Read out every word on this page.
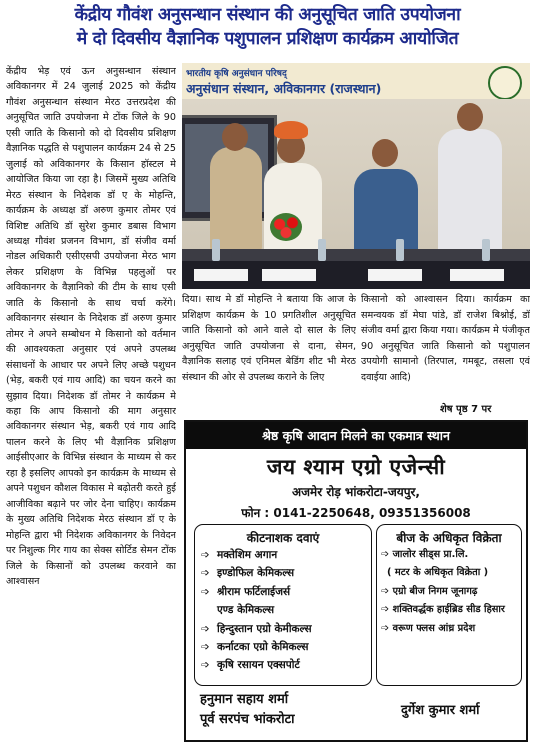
केंद्रीय गौवंश अनुसन्धान संस्थान की अनुसूचित जाति उपयोजना
मे दो दिवसीय वैज्ञानिक पशुपालन प्रशिक्षण कार्यक्रम आयोजित
केंद्रीय भेड़ एवं ऊन अनुसन्धान संस्थान अविकानगर में 24 जुलाई 2025 को केंद्रीय गौवंश अनुसन्धान संस्थान मेरठ उत्तरप्रदेश की अनुसूचित जाति उपयोजना मे टोंक जिले के 90 एसी जाति के किसानो को दो दिवसीय प्रशिक्षण वैज्ञानिक पद्धति से पशुपालन कार्यक्रम 24 से 25 जुलाई को अविकानगर के किसान हॉस्टल मे आयोजित किया जा रहा है। जिसमें मुख्य अतिथि मेरठ संस्थान के निदेशक डॉ ए के मोहन्ति, कार्यक्रम के अध्यक्ष डॉ अरुण कुमार तोमर एवं विशिष्ट अतिथि डॉ सुरेश कुमार डबास विभाग अध्यक्ष गौवंश प्रजनन विभाग, डॉ संजीव वर्मा नोडल अधिकारी एसीएसपी उपयोजना मेरठ भाग लेकर प्रशिक्षण के विभिन्न पहलुओं पर अविकानगर के वैज्ञानिको की टीम के साथ एसी जाति के किसानो के साथ चर्चा करेंगे। अविकानगर संस्थान के निदेशक डॉ अरुण कुमार तोमर ने अपने सम्बोधन मे किसानो को वर्तमान की आवश्यकता अनुसार एवं अपने उपलब्ध संसाधनों के आधार पर अपने लिए अच्छे पशुधन (भेड़, बकरी एवं गाय आदि) का चयन करने का सुझाव दिया। निदेशक डॉ तोमर ने कार्यक्रम मे कहा कि आप किसानो की माग अनुसार अविकानगर संस्थान भेड़, बकरी एवं गाय आदि पालन करने के लिए भी वैज्ञानिक प्रशिक्षण आईसीएआर के विभिन्न संस्थान के माध्यम से कर रहा है इसलिए आपको इन कार्यक्रम के माध्यम से अपने पशुधन कौशल विकास मे बढ़ोतरी करते हुई आजीविका बढ़ाने पर जोर देना चाहिए। कार्यक्रम के मुख्य अतिथि निदेशक मेरठ संस्थान डॉ ए के मोहन्ति द्वारा भी निदेशक अविकानगर के निवेदन पर निशुल्क गिर गाय का सेक्स सोर्टिड सेमन टोंक जिले के किसानों को उपलब्ध करवाने का आश्वासन
भारतीय कृषि अनुसंधान परिषद्
अनुसंधान संस्थान, अविकानगर (राजस्थान)
दिया। साथ मे डॉ मोहन्ति ने बताया कि आज के प्रशिक्षण कार्यक्रम के 10 प्रगतिशील अनुसूचित जाति किसानो को आने वाले दो साल के लिए अनुसूचित जाति उपयोजना से दाना, सेमन, वैज्ञानिक सलाह एवं एनिमल बेडिंग शीट भी मेरठ संस्थान की ओर से उपलब्ध कराने के लिए
किसानो को आश्वासन दिया। कार्यक्रम का समन्वयक डॉ मेघा पांडे, डॉ राजेश बिश्नोई, डॉ संजीव वर्मा द्वारा किया गया। कार्यक्रम मे पंजीकृत 90 अनुसूचित जाति किसानो को पशुपालन उपयोगी सामानो (तिरपाल, गमबूट, तसला एवं दवाईया आदि)
शेष पृष्ठ 7 पर
श्रेष्ठ कृषि आदान मिलने का एकमात्र स्थान
जय श्याम एग्रो एजेन्सी
अजमेर रोड़ भांकरोटा-जयपुर,
फोन : 0141-2250648, 09351356008
कीटनाशक दवाएं
➩ मक्तेशिम अगान
➩ इण्डोफिल केमिकल्स
➩ श्रीराम फर्टिलाईजर्स
एण्ड केमिकल्स
➩ हिन्दुस्तान एग्रो केमीकल्स
➩ कर्नाटका एग्रो केमिकल्स
➩ कृषि रसायन एक्सपोर्ट
बीज के अधिकृत विक्रेता
➩ जालोर सीड्स प्रा.लि.
( मटर के अधिकृत विक्रेता )
➩ एग्रो बीज निगम जूनागढ़
➩ शक्तिवर्द्धक हाईब्रिड सीड हिसार
➩ वरूण फ्लस आंध्र प्रदेश
हनुमान सहाय शर्मा
पूर्व सरपंच भांकरोटा
दुर्गेश कुमार शर्मा
